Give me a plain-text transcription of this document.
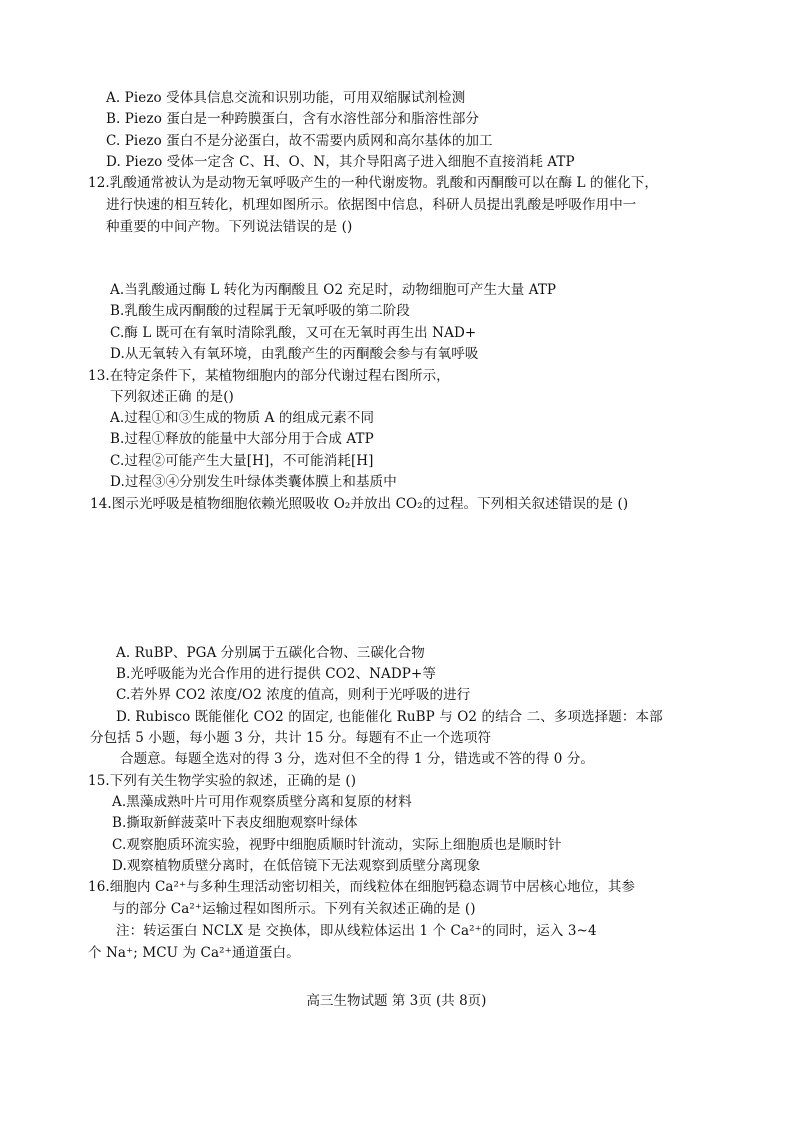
A. Piezo 受体具信息交流和识别功能，可用双缩脲试剂检测
B. Piezo 蛋白是一种跨膜蛋白，含有水溶性部分和脂溶性部分
C. Piezo 蛋白不是分泌蛋白，故不需要内质网和高尔基体的加工
D. Piezo 受体一定含 C、H、O、N，其介导阳离子进入细胞不直接消耗 ATP
12.乳酸通常被认为是动物无氧呼吸产生的一种代谢废物。乳酸和丙酮酸可以在酶 L 的催化下，
进行快速的相互转化，机理如图所示。依据图中信息，科研人员提出乳酸是呼吸作用中一
种重要的中间产物。下列说法错误的是 ()
A.当乳酸通过酶 L 转化为丙酮酸且 O2 充足时，动物细胞可产生大量 ATP
B.乳酸生成丙酮酸的过程属于无氧呼吸的第二阶段
C.酶 L 既可在有氧时清除乳酸，又可在无氧时再生出 NAD+
D.从无氧转入有氧环境，由乳酸产生的丙酮酸会参与有氧呼吸
13.在特定条件下，某植物细胞内的部分代谢过程右图所示，
下列叙述正确 的是()
A.过程①和③生成的物质 A 的组成元素不同
B.过程①释放的能量中大部分用于合成 ATP
C.过程②可能产生大量[H]，不可能消耗[H]
D.过程③④分别发生叶绿体类囊体膜上和基质中
14.图示光呼吸是植物细胞依赖光照吸收 O₂并放出 CO₂的过程。下列相关叙述错误的是 ()
A. RuBP、PGA 分别属于五碳化合物、三碳化合物
B.光呼吸能为光合作用的进行提供 CO2、NADP+等
C.若外界 CO2 浓度/O2 浓度的值高，则利于光呼吸的进行
D. Rubisco 既能催化 CO2 的固定, 也能催化 RuBP 与 O2 的结合 二、多项选择题：本部
分包括 5 小题，每小题 3 分，共计 15 分。每题有不止一个选项符
合题意。每题全选对的得 3 分，选对但不全的得 1 分，错选或不答的得 0 分。
15.下列有关生物学实验的叙述，正确的是 ()
A.黑藻成熟叶片可用作观察质壁分离和复原的材料
B.撕取新鲜菠菜叶下表皮细胞观察叶绿体
C.观察胞质环流实验，视野中细胞质顺时针流动，实际上细胞质也是顺时针
D.观察植物质壁分离时，在低倍镜下无法观察到质壁分离现象
16.细胞内 Ca²⁺与多种生理活动密切相关，而线粒体在细胞钙稳态调节中居核心地位，其参
与的部分 Ca²⁺运输过程如图所示。下列有关叙述正确的是 ()
注：转运蛋白 NCLX 是 交换体，即从线粒体运出 1 个 Ca²⁺的同时，运入 3~4
个 Na⁺; MCU 为 Ca²⁺通道蛋白。
高三生物试题 第 3页 (共 8页)
